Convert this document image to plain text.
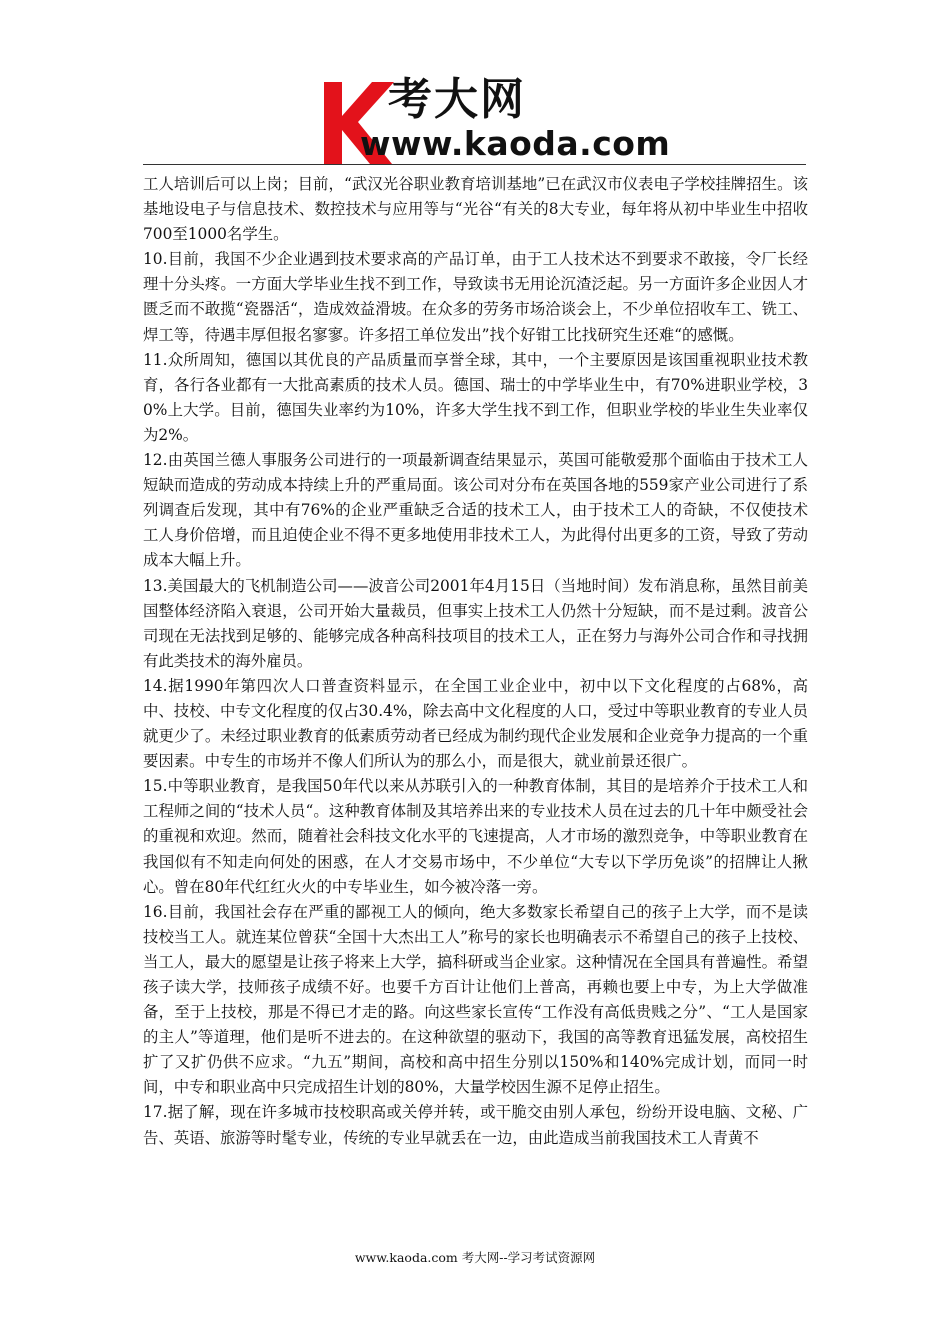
考大网
www.kaoda.com

工人培训后可以上岗；目前，“武汉光谷职业教育培训基地”已在武汉市仪表电子学校挂牌招生。该基地设电子与信息技术、数控技术与应用等与“光谷“有关的8大专业，每年将从初中毕业生中招收700至1000名学生。

10.目前，我国不少企业遇到技术要求高的产品订单，由于工人技术达不到要求不敢接，令厂长经理十分头疼。一方面大学毕业生找不到工作，导致读书无用论沉渣泛起。另一方面许多企业因人才匮乏而不敢揽“瓷器活“，造成效益滑坡。在众多的劳务市场洽谈会上，不少单位招收车工、铣工、焊工等，待遇丰厚但报名寥寥。许多招工单位发出”找个好钳工比找研究生还难“的感慨。

11.众所周知，德国以其优良的产品质量而享誉全球，其中，一个主要原因是该国重视职业技术教育，各行各业都有一大批高素质的技术人员。德国、瑞士的中学毕业生中，有70%进职业学校，30%上大学。目前，德国失业率约为10%，许多大学生找不到工作，但职业学校的毕业生失业率仅为2%。

12.由英国兰德人事服务公司进行的一项最新调查结果显示，英国可能敬爱那个面临由于技术工人短缺而造成的劳动成本持续上升的严重局面。该公司对分布在英国各地的559家产业公司进行了系列调查后发现，其中有76%的企业严重缺乏合适的技术工人，由于技术工人的奇缺，不仅使技术工人身价倍增，而且迫使企业不得不更多地使用非技术工人，为此得付出更多的工资，导致了劳动成本大幅上升。

13.美国最大的飞机制造公司——波音公司2001年4月15日（当地时间）发布消息称，虽然目前美国整体经济陷入衰退，公司开始大量裁员，但事实上技术工人仍然十分短缺，而不是过剩。波音公司现在无法找到足够的、能够完成各种高科技项目的技术工人，正在努力与海外公司合作和寻找拥有此类技术的海外雇员。

14.据1990年第四次人口普查资料显示，在全国工业企业中，初中以下文化程度的占68%，高中、技校、中专文化程度的仅占30.4%，除去高中文化程度的人口，受过中等职业教育的专业人员就更少了。未经过职业教育的低素质劳动者已经成为制约现代企业发展和企业竞争力提高的一个重要因素。中专生的市场并不像人们所认为的那么小，而是很大，就业前景还很广。

15.中等职业教育，是我国50年代以来从苏联引入的一种教育体制，其目的是培养介于技术工人和工程师之间的“技术人员“。这种教育体制及其培养出来的专业技术人员在过去的几十年中颇受社会的重视和欢迎。然而，随着社会科技文化水平的飞速提高，人才市场的激烈竞争，中等职业教育在我国似有不知走向何处的困惑，在人才交易市场中，不少单位“大专以下学历免谈”的招牌让人揪心。曾在80年代红红火火的中专毕业生，如今被冷落一旁。

16.目前，我国社会存在严重的鄙视工人的倾向，绝大多数家长希望自己的孩子上大学，而不是读技校当工人。就连某位曾获“全国十大杰出工人”称号的家长也明确表示不希望自己的孩子上技校、当工人，最大的愿望是让孩子将来上大学，搞科研或当企业家。这种情况在全国具有普遍性。希望孩子读大学，技师孩子成绩不好。也要千方百计让他们上普高，再赖也要上中专，为上大学做准备，至于上技校，那是不得已才走的路。向这些家长宣传“工作没有高低贵贱之分”、“工人是国家的主人”等道理，他们是听不进去的。在这种欲望的驱动下，我国的高等教育迅猛发展，高校招生扩了又扩仍供不应求。“九五”期间，高校和高中招生分别以150%和140%完成计划，而同一时间，中专和职业高中只完成招生计划的80%，大量学校因生源不足停止招生。

17.据了解，现在许多城市技校职高或关停并转，或干脆交由别人承包，纷纷开设电脑、文秘、广告、英语、旅游等时髦专业，传统的专业早就丢在一边，由此造成当前我国技术工人青黄不

www.kaoda.com 考大网--学习考试资源网
